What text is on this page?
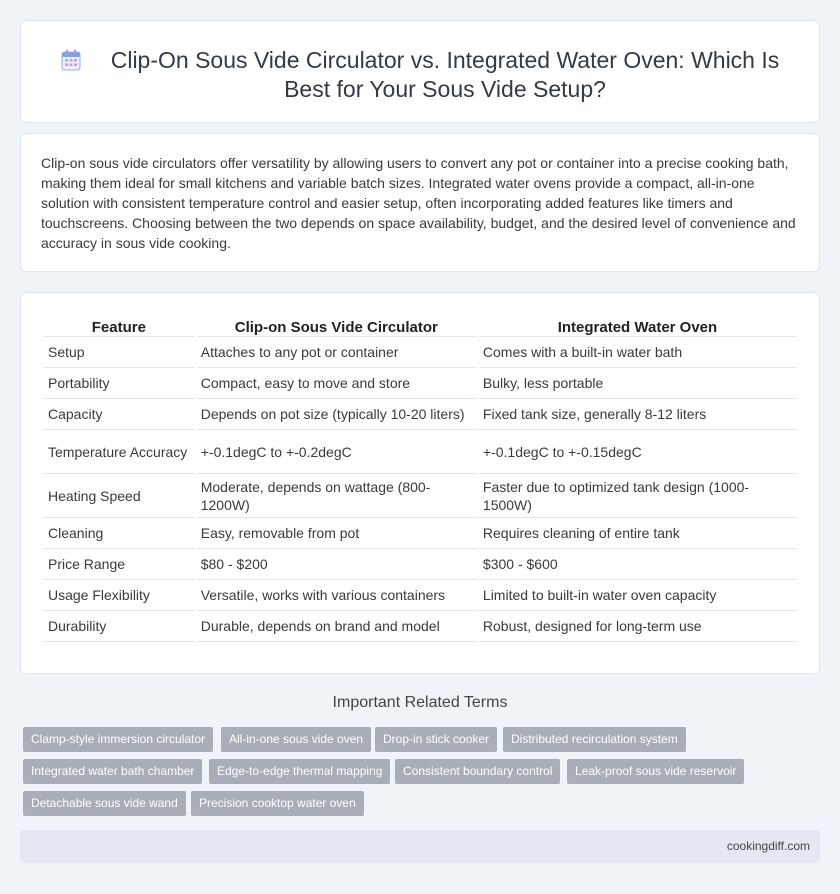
Clip-On Sous Vide Circulator vs. Integrated Water Oven: Which Is Best for Your Sous Vide Setup?

Clip-on sous vide circulators offer versatility by allowing users to convert any pot or container into a precise cooking bath, making them ideal for small kitchens and variable batch sizes. Integrated water ovens provide a compact, all-in-one solution with consistent temperature control and easier setup, often incorporating added features like timers and touchscreens. Choosing between the two depends on space availability, budget, and the desired level of convenience and accuracy in sous vide cooking.

Feature	Clip-on Sous Vide Circulator	Integrated Water Oven
Setup	Attaches to any pot or container	Comes with a built-in water bath
Portability	Compact, easy to move and store	Bulky, less portable
Capacity	Depends on pot size (typically 10-20 liters)	Fixed tank size, generally 8-12 liters
Temperature Accuracy	+-0.1degC to +-0.2degC	+-0.1degC to +-0.15degC
Heating Speed	Moderate, depends on wattage (800-1200W)	Faster due to optimized tank design (1000-1500W)
Cleaning	Easy, removable from pot	Requires cleaning of entire tank
Price Range	$80 - $200	$300 - $600
Usage Flexibility	Versatile, works with various containers	Limited to built-in water oven capacity
Durability	Durable, depends on brand and model	Robust, designed for long-term use
Important Related Terms
Clamp-style immersion circulator	All-in-one sous vide oven	Drop-in stick cooker	Distributed recirculation system
Integrated water bath chamber	Edge-to-edge thermal mapping	Consistent boundary control	Leak-proof sous vide reservoir
Detachable sous vide wand	Precision cooktop water oven
cookingdiff.com
